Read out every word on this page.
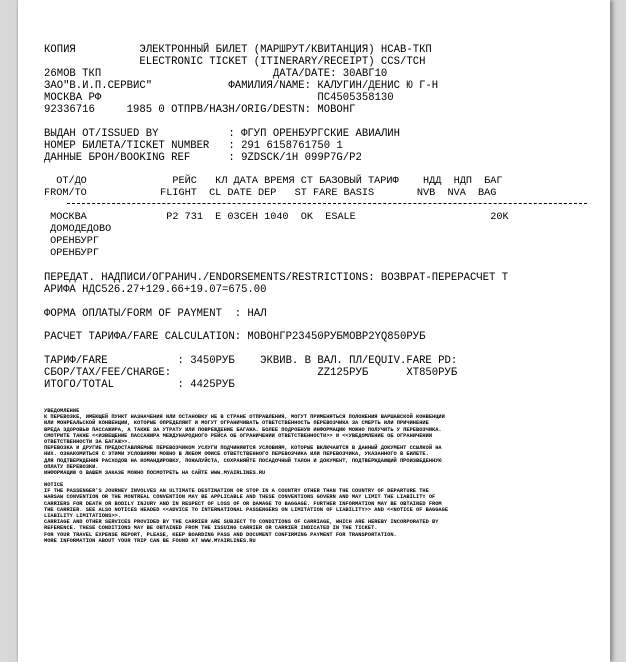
КОПИЯ          ЭЛЕКТРОННЫЙ БИЛЕТ (МАРШРУТ/КВИТАНЦИЯ) НСАВ-ТКП
ELECTRONIC TICKET (ITINERARY/RECEIPT) CCS/TCH
26МОВ ТКП                           ДАТА/DATE: 30АВГ10
ЗАО"В.И.П.СЕРВИС"            ФАМИЛИЯ/NAME: КАЛУГИН/ДЕНИС Ю Г-Н
МОСКВА РФ                                  ПС4505358130
92336716     1985 0 ОТПРВ/НАЗН/ORIG/DESTN: МОВОНГ
ВЫДАН ОТ/ISSUED BY           : ФГУП ОРЕНБУРГСКИЕ АВИАЛИН
НОМЕР БИЛЕТА/TICKET NUMBER   : 291 6158761750 1
ДАННЫЕ БРОН/BOOKING REF      : 9ZDSCK/1H 099P7G/P2
ОТ/ДО              РЕЙС   КЛ ДАТА ВРЕМЯ СТ БАЗОВЫЙ ТАРИФ    НДД  НДП  БАГ
FROM/TO            FLIGHT  CL DATE DEP   ST FARE BASIS       NVB  NVA  BAG
МОСКВА             P2 731  E 03СЕН 1040  OK  ESALE                      20K
ДОМОДЕДОВО
ОРЕНБУРГ
ОРЕНБУРГ
ПЕРЕДАТ. НАДПИСИ/ОГРАНИЧ./ENDORSEMENTS/RESTRICTIONS: ВОЗВРАТ-ПЕРЕРАСЧЕТ Т
АРИФА НДС526.27+129.66+19.07=675.00
ФОРМА ОПЛАТЫ/FORM OF PAYMENT  : НАЛ
РАСЧЕТ ТАРИФА/FARE CALCULATION: МОВОНГР23450РУБМОВР2YQ850РУБ
ТАРИФ/FARE           : 3450РУБ    ЭКВИВ. В ВАЛ. ПЛ/EQUIV.FARE PD:
СБОР/TAX/FEE/CHARGE:                       ZZ125РУБ      XT850РУБ
ИТОГО/TOTAL          : 4425РУБ
УВЕДОМЛЕНИЕ
К ПЕРЕВОЗКЕ, ИМЕЮЩЕЙ ПУНКТ НАЗНАЧЕНИЯ ИЛИ ОСТАНОВКУ НЕ В СТРАНЕ ОТПРАВЛЕНИЯ, МОГУТ ПРИМЕНЯТЬСЯ ПОЛОЖЕНИЯ ВАРШАВСКОЙ КОНВЕНЦИИ
ИЛИ МОНРЕАЛЬСКОЙ КОНВЕНЦИИ, КОТОРЫЕ ОПРЕДЕЛЯЮТ И МОГУТ ОГРАНИЧИВАТЬ ОТВЕТСТВЕННОСТЬ ПЕРЕВОЗЧИКА ЗА СМЕРТЬ ИЛИ ПРИЧИНЕНИЕ
ВРЕДА ЗДОРОВЬЮ ПАССАЖИРА, А ТАКЖЕ ЗА УТРАТУ ИЛИ ПОВРЕЖДЕНИЕ БАГАЖА. БОЛЕЕ ПОДРОБНУЮ ИНФОРМАЦИЮ МОЖНО ПОЛУЧИТЬ У ПЕРЕВОЗЧИКА.
СМОТРИТЕ ТАКЖЕ <<ИЗВЕЩЕНИЕ ПАССАЖИРА МЕЖДУНАРОДНОГО РЕЙСА ОБ ОГРАНИЧЕНИИ ОТВЕТСТВЕННОСТИ>> И <<УВЕДОМЛЕНИЕ ОБ ОГРАНИЧЕНИИ
ОТВЕТСТВЕННОСТИ ЗА БАГАЖ>>.
ПЕРЕВОЗКА И ДРУГИЕ ПРЕДОСТАВЛЯЕМЫЕ ПЕРЕВОЗЧИКОМ УСЛУГИ ПОДЧИНЯЮТСЯ УСЛОВИЯМ, КОТОРЫЕ ВКЛЮЧАЮТСЯ В ДАННЫЙ ДОКУМЕНТ ССЫЛКОЙ НА
НИХ. ОЗНАКОМИТЬСЯ С ЭТИМИ УСЛОВИЯМИ МОЖНО В ЛЮБОМ ОФИСЕ ОТВЕТСТВЕННОГО ПЕРЕВОЗЧИКА ИЛИ ПЕРЕВОЗЧИКА, УКАЗАННОГО В БИЛЕТЕ.
ДЛЯ ПОДТВЕРЖДЕНИЯ РАСХОДОВ НА КОМАНДИРОВКУ, ПОЖАЛУЙСТА, СОХРАНЯЙТЕ ПОСАДОЧНЫЙ ТАЛОН И ДОКУМЕНТ, ПОДТВЕРЖДАЮЩИЙ ПРОИЗВЕДЕННУЮ
ОПЛАТУ ПЕРЕВОЗКИ.
ИНФОРМАЦИЮ О ВАШЕМ ЗАКАЗЕ МОЖНО ПОСМОТРЕТЬ НА САЙТЕ WWW.MYAIRLINES.RU
NOTICE
IF THE PASSENGER'S JOURNEY INVOLVES AN ULTIMATE DESTINATION OR STOP IN A COUNTRY OTHER THAN THE COUNTRY OF DEPARTURE THE
WARSAW CONVENTION OR THE MONTREAL CONVENTION MAY BE APPLICABLE AND THESE CONVENTIONS GOVERN AND MAY LIMIT THE LIABILITY OF
CARRIERS FOR DEATH OR BODILY INJURY AND IN RESPECT OF LOSS OF OR DAMAGE TO BAGGAGE. FURTHER INFORMATION MAY BE OBTAINED FROM
THE CARRIER. SEE ALSO NOTICES HEADED <<ADVICE TO INTERNATIONAL PASSENGERS ON LIMITATION OF LIABILITY>> AND <<NOTICE OF BAGGAGE
LIABILITY LIMITATIONS>>.
CARRIAGE AND OTHER SERVICES PROVIDED BY THE CARRIER ARE SUBJECT TO CONDITIONS OF CARRIAGE, WHICH ARE HEREBY INCORPORATED BY
REFERENCE. THESE CONDITIONS MAY BE OBTAINED FROM THE ISSUING CARRIER OR CARRIER INDICATED IN THE TICKET.
FOR YOUR TRAVEL EXPENSE REPORT, PLEASE, KEEP BOARDING PASS AND DOCUMENT CONFIRMING PAYMENT FOR TRANSPORTATION.
MORE INFORMATION ABOUT YOUR TRIP CAN BE FOUND AT WWW.MYAIRLINES.RU
